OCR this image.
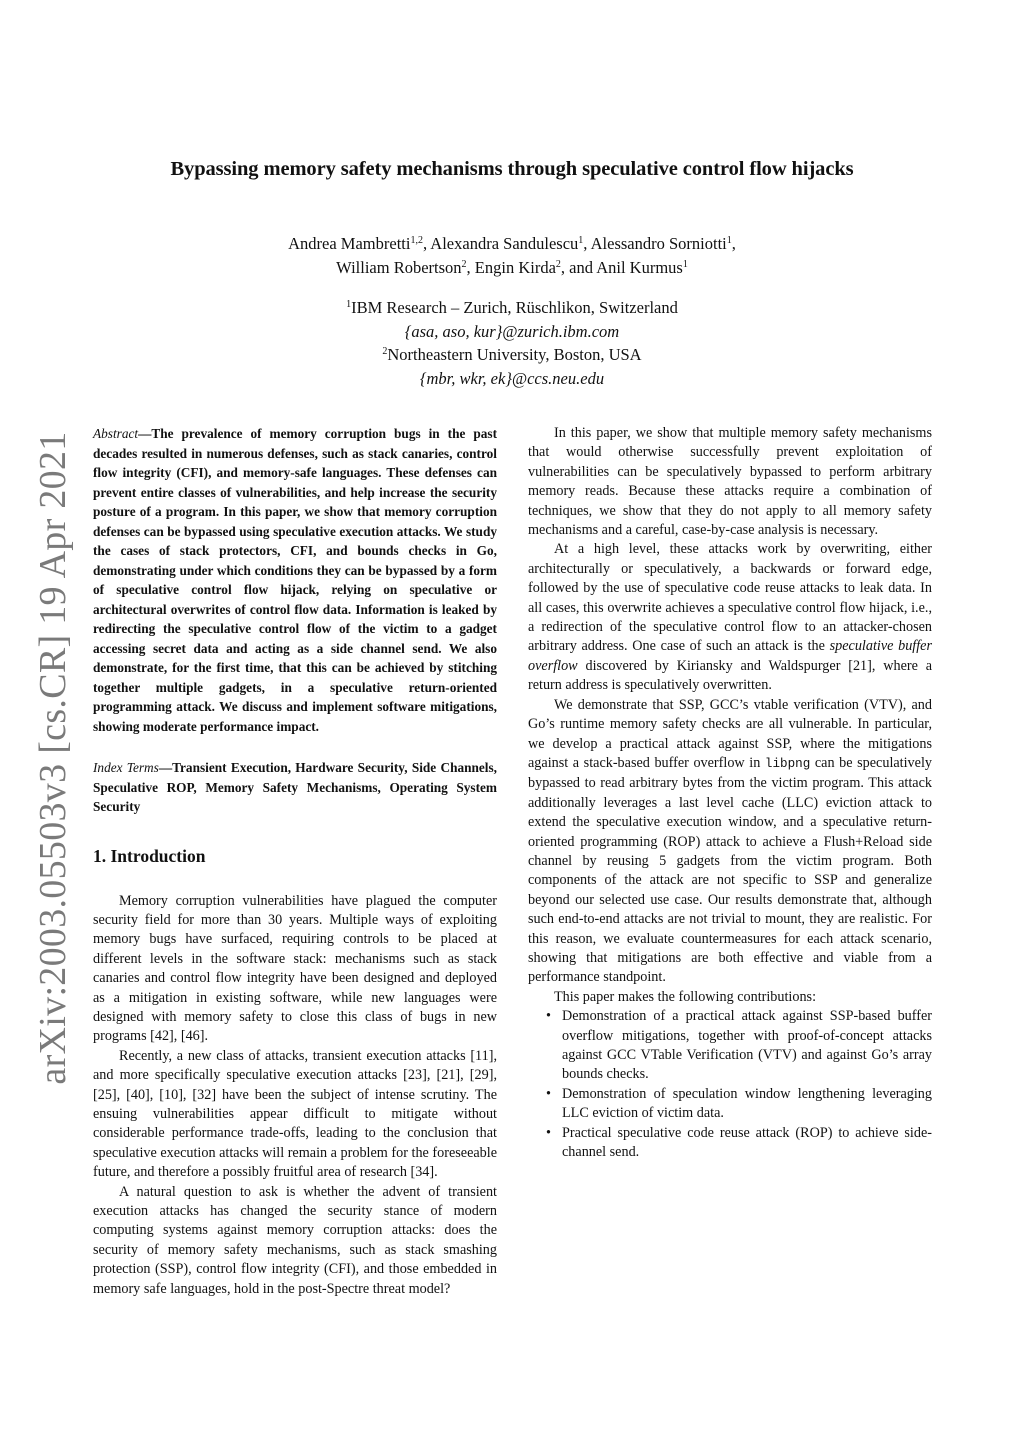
Bypassing memory safety mechanisms through speculative control flow hijacks
Andrea Mambretti$^{1,2}$, Alexandra Sandulescu$^1$, Alessandro Sorniotti$^1$,
William Robertson$^2$, Engin Kirda$^2$, and Anil Kurmus$^1$
$^1$IBM Research – Zurich, Rüschlikon, Switzerland
{asa, aso, kur}@zurich.ibm.com
$^2$Northeastern University, Boston, USA
{mbr, wkr, ek}@ccs.neu.edu
arXiv:2003.05503v3 [cs.CR] 19 Apr 2021 Abstract—The prevalence of memory corruption bugs in the past decades resulted in numerous defenses, such as stack canaries, control flow integrity (CFI), and memory-safe languages. These defenses can prevent entire classes of vulnerabilities, and help increase the security posture of a program. In this paper, we show that memory corruption defenses can be bypassed using speculative execution attacks. We study the cases of stack protectors, CFI, and bounds checks in Go, demonstrating under which conditions they can be bypassed by a form of speculative control flow hijack, relying on speculative or architectural overwrites of control flow data. Information is leaked by redirecting the speculative control flow of the victim to a gadget accessing secret data and acting as a side channel send. We also demonstrate, for the first time, that this can be achieved by stitching together multiple gadgets, in a speculative return-oriented programming attack. We discuss and implement software mitigations, showing moderate performance impact.

Index Terms—Transient Execution, Hardware Security, Side Channels, Speculative ROP, Memory Safety Mechanisms, Operating System Security

1. Introduction

Memory corruption vulnerabilities have plagued the computer security field for more than 30 years. Multiple ways of exploiting memory bugs have surfaced, requiring controls to be placed at different levels in the software stack: mechanisms such as stack canaries and control flow integrity have been designed and deployed as a mitigation in existing software, while new languages were designed with memory safety to close this class of bugs in new programs [42], [46].

Recently, a new class of attacks, transient execution attacks [11], and more specifically speculative execution attacks [23], [21], [29], [25], [40], [10], [32] have been the subject of intense scrutiny. The ensuing vulnerabilities appear difficult to mitigate without considerable performance trade-offs, leading to the conclusion that speculative execution attacks will remain a problem for the foreseeable future, and therefore a possibly fruitful area of research [34].

A natural question to ask is whether the advent of transient execution attacks has changed the security stance of modern computing systems against memory corruption attacks: does the security of memory safety mechanisms, such as stack smashing protection (SSP), control flow integrity (CFI), and those embedded in memory safe languages, hold in the post-Spectre threat model?

In this paper, we show that multiple memory safety mechanisms that would otherwise successfully prevent exploitation of vulnerabilities can be speculatively bypassed to perform arbitrary memory reads. Because these attacks require a combination of techniques, we show that they do not apply to all memory safety mechanisms and a careful, case-by-case analysis is necessary.

At a high level, these attacks work by overwriting, either architecturally or speculatively, a backwards or forward edge, followed by the use of speculative code reuse attacks to leak data. In all cases, this overwrite achieves a speculative control flow hijack, i.e., a redirection of the speculative control flow to an attacker-chosen arbitrary address. One case of such an attack is the speculative buffer overflow discovered by Kiriansky and Waldspurger [21], where a return address is speculatively overwritten.

We demonstrate that SSP, GCC’s vtable verification (VTV), and Go’s runtime memory safety checks are all vulnerable. In particular, we develop a practical attack against SSP, where the mitigations against a stack-based buffer overflow in libpng can be speculatively bypassed to read arbitrary bytes from the victim program. This attack additionally leverages a last level cache (LLC) eviction attack to extend the speculative execution window, and a speculative return-oriented programming (ROP) attack to achieve a Flush+Reload side channel by reusing 5 gadgets from the victim program. Both components of the attack are not specific to SSP and generalize beyond our selected use case. Our results demonstrate that, although such end-to-end attacks are not trivial to mount, they are realistic. For this reason, we evaluate countermeasures for each attack scenario, showing that mitigations are both effective and viable from a performance standpoint.

This paper makes the following contributions:

• Demonstration of a practical attack against SSP-based buffer overflow mitigations, together with proof-of-concept attacks against GCC VTable Verification (VTV) and against Go’s array bounds checks.
• Demonstration of speculation window lengthening leveraging LLC eviction of victim data.
• Practical speculative code reuse attack (ROP) to achieve side-channel send.
